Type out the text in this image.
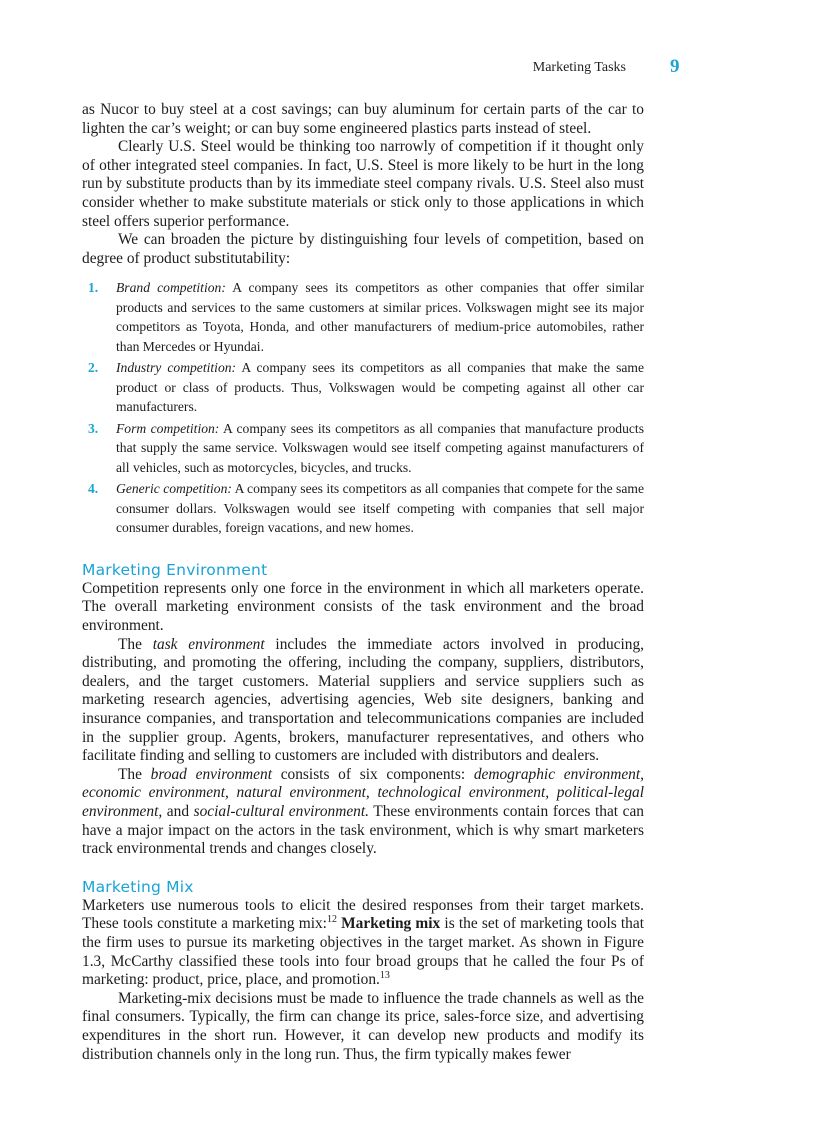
Marketing Tasks 9

as Nucor to buy steel at a cost savings; can buy aluminum for certain parts of the car to lighten the car’s weight; or can buy some engineered plastics parts instead of steel.

Clearly U.S. Steel would be thinking too narrowly of competition if it thought only of other integrated steel companies. In fact, U.S. Steel is more likely to be hurt in the long run by substitute products than by its immediate steel company rivals. U.S. Steel also must consider whether to make substitute materials or stick only to those applications in which steel offers superior performance.

We can broaden the picture by distinguishing four levels of competition, based on degree of product substitutability:

1. Brand competition: A company sees its competitors as other companies that offer similar products and services to the same customers at similar prices. Volkswagen might see its major competitors as Toyota, Honda, and other manufacturers of medium-price automobiles, rather than Mercedes or Hyundai.
2. Industry competition: A company sees its competitors as all companies that make the same product or class of products. Thus, Volkswagen would be competing against all other car manufacturers.
3. Form competition: A company sees its competitors as all companies that manufacture products that supply the same service. Volkswagen would see itself competing against manufacturers of all vehicles, such as motorcycles, bicycles, and trucks.
4. Generic competition: A company sees its competitors as all companies that compete for the same consumer dollars. Volkswagen would see itself competing with companies that sell major consumer durables, foreign vacations, and new homes.
Marketing Environment

Competition represents only one force in the environment in which all marketers operate. The overall marketing environment consists of the task environment and the broad environment.

The task environment includes the immediate actors involved in producing, distributing, and promoting the offering, including the company, suppliers, distributors, dealers, and the target customers. Material suppliers and service suppliers such as marketing research agencies, advertising agencies, Web site designers, banking and insurance companies, and transportation and telecommunications companies are included in the supplier group. Agents, brokers, manufacturer representatives, and others who facilitate finding and selling to customers are included with distributors and dealers.

The broad environment consists of six components: demographic environment, economic environment, natural environment, technological environment, political-legal environment, and social-cultural environment. These environments contain forces that can have a major impact on the actors in the task environment, which is why smart marketers track environmental trends and changes closely.

Marketing Mix

Marketers use numerous tools to elicit the desired responses from their target markets. These tools constitute a marketing mix:$^{12}$ Marketing mix is the set of marketing tools that the firm uses to pursue its marketing objectives in the target market. As shown in Figure 1.3, McCarthy classified these tools into four broad groups that he called the four Ps of marketing: product, price, place, and promotion.$^{13}$

Marketing-mix decisions must be made to influence the trade channels as well as the final consumers. Typically, the firm can change its price, sales-force size, and advertising expenditures in the short run. However, it can develop new products and modify its distribution channels only in the long run. Thus, the firm typically makes fewer
